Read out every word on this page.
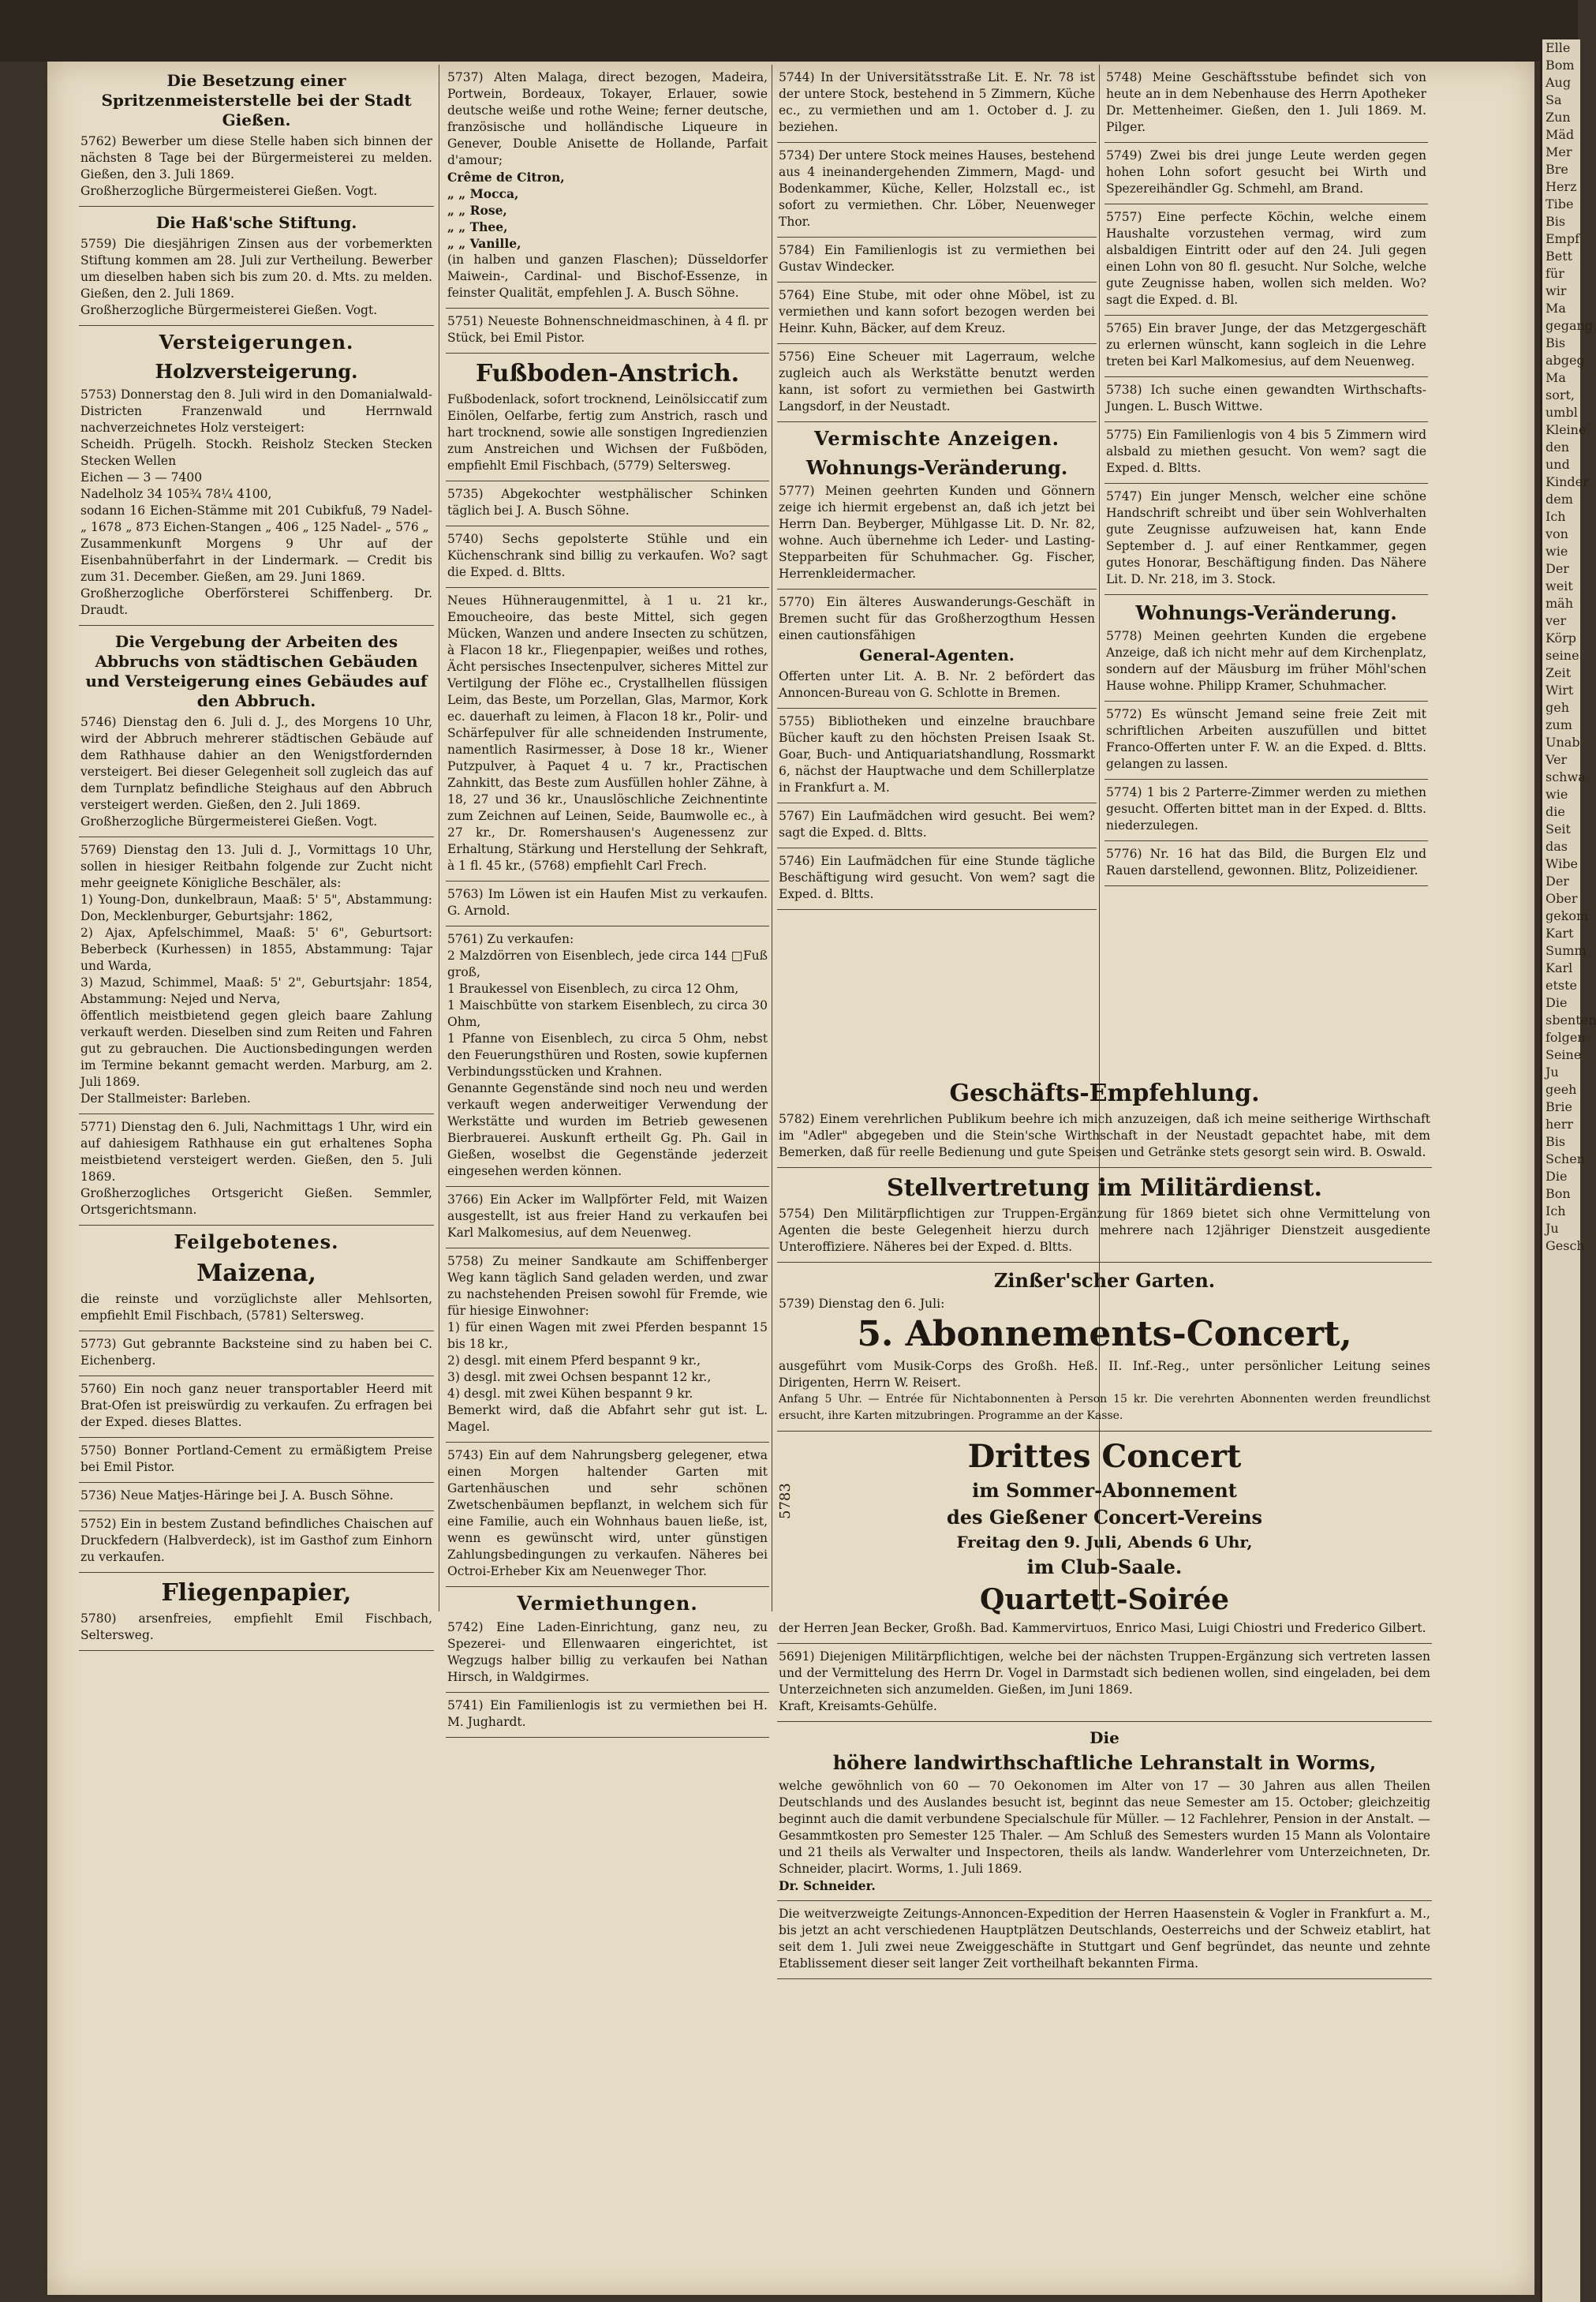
Elle
Bom
Aug
Sa
Zun
Mäd
Mer
Bre
Herz
Tibe
Bis
Empf
Bett
für
wir
Ma
gegang
Bis
abgeg
Ma
sort,
umbl
Kleine
den
und
Kinder
dem
Ich
von
wie
Der
weit
mäh
ver
Körp
seine
Zeit
Wirt
geh
zum
Unab
Ver
schwa
wie
die
Seit
das
Wibe
Der
Ober
gekom
Kart
Summ
Karl
etste
Die
sbenten
folgen
Seine
Ju
geeh
Brie
herr
Bis
Schen
Die
Bon
Ich
Ju
Gesch
Die Besetzung einer Spritzenmeisterstelle bei der Stadt Gießen.

5762) Bewerber um diese Stelle haben sich binnen der nächsten 8 Tage bei der Bürgermeisterei zu melden. Gießen, den 3. Juli 1869.

Großherzogliche Bürgermeisterei Gießen. Vogt.

Die Haß'sche Stiftung.

5759) Die diesjährigen Zinsen aus der vorbemerkten Stiftung kommen am 28. Juli zur Vertheilung. Bewerber um dieselben haben sich bis zum 20. d. Mts. zu melden. Gießen, den 2. Juli 1869.

Großherzogliche Bürgermeisterei Gießen. Vogt.

Versteigerungen.
Holzversteigerung.

5753) Donnerstag den 8. Juli wird in den Domanialwald-Districten Franzenwald und Herrnwald nachverzeichnetes Holz versteigert:

Scheidh. Prügelh. Stockh. Reisholz Stecken Stecken Stecken Wellen

Eichen — 3 — 7400

Nadelholz 34 105¾ 78¼ 4100,

sodann 16 Eichen-Stämme mit 201 Cubikfuß, 79 Nadel- „ 1678 „ 873 Eichen-Stangen „ 406 „ 125 Nadel- „ 576 „

Zusammenkunft Morgens 9 Uhr auf der Eisenbahnüberfahrt in der Lindermark. — Credit bis zum 31. December. Gießen, am 29. Juni 1869.

Großherzogliche Oberförsterei Schiffenberg. Dr. Draudt.

Die Vergebung der Arbeiten des Abbruchs von städtischen Gebäuden und Versteigerung eines Gebäudes auf den Abbruch.

5746) Dienstag den 6. Juli d. J., des Morgens 10 Uhr, wird der Abbruch mehrerer städtischen Gebäude auf dem Rathhause dahier an den Wenigstfordernden versteigert. Bei dieser Gelegenheit soll zugleich das auf dem Turnplatz befindliche Steighaus auf den Abbruch versteigert werden. Gießen, den 2. Juli 1869.

Großherzogliche Bürgermeisterei Gießen. Vogt.

5769) Dienstag den 13. Juli d. J., Vormittags 10 Uhr, sollen in hiesiger Reitbahn folgende zur Zucht nicht mehr geeignete Königliche Beschäler, als:

1) Young-Don, dunkelbraun, Maaß: 5' 5", Abstammung: Don, Mecklenburger, Geburtsjahr: 1862,

2) Ajax, Apfelschimmel, Maaß: 5' 6", Geburtsort: Beberbeck (Kurhessen) in 1855, Abstammung: Tajar und Warda,

3) Mazud, Schimmel, Maaß: 5' 2", Geburtsjahr: 1854, Abstammung: Nejed und Nerva,

öffentlich meistbietend gegen gleich baare Zahlung verkauft werden. Dieselben sind zum Reiten und Fahren gut zu gebrauchen. Die Auctionsbedingungen werden im Termine bekannt gemacht werden. Marburg, am 2. Juli 1869.

Der Stallmeister: Barleben.

5771) Dienstag den 6. Juli, Nachmittags 1 Uhr, wird ein auf dahiesigem Rathhause ein gut erhaltenes Sopha meistbietend versteigert werden. Gießen, den 5. Juli 1869.

Großherzogliches Ortsgericht Gießen. Semmler, Ortsgerichtsmann.

Feilgebotenes.
Maizena,

die reinste und vorzüglichste aller Mehlsorten, empfiehlt Emil Fischbach, (5781) Seltersweg.

5773) Gut gebrannte Backsteine sind zu haben bei C. Eichenberg.

5760) Ein noch ganz neuer transportabler Heerd mit Brat-Ofen ist preiswürdig zu verkaufen. Zu erfragen bei der Exped. dieses Blattes.

5750) Bonner Portland-Cement zu ermäßigtem Preise bei Emil Pistor.

5736) Neue Matjes-Häringe bei J. A. Busch Söhne.

5752) Ein in bestem Zustand befindliches Chaischen auf Druckfedern (Halbverdeck), ist im Gasthof zum Einhorn zu verkaufen.

Fliegenpapier,

5780) arsenfreies, empfiehlt Emil Fischbach, Seltersweg.

5737) Alten Malaga, direct bezogen, Madeira, Portwein, Bordeaux, Tokayer, Erlauer, sowie deutsche weiße und rothe Weine; ferner deutsche, französische und holländische Liqueure in Genever, Double Anisette de Hollande, Parfait d'amour;

Crême de Citron,

„ „ Mocca,

„ „ Rose,

„ „ Thee,

„ „ Vanille,

(in halben und ganzen Flaschen); Düsseldorfer Maiwein-, Cardinal- und Bischof-Essenze, in feinster Qualität, empfehlen J. A. Busch Söhne.

5751) Neueste Bohnenschneidmaschinen, à 4 fl. pr Stück, bei Emil Pistor.

Fußboden-Anstrich.

Fußbodenlack, sofort trocknend, Leinölsiccatif zum Einölen, Oelfarbe, fertig zum Anstrich, rasch und hart trocknend, sowie alle sonstigen Ingredienzien zum Anstreichen und Wichsen der Fußböden, empfiehlt Emil Fischbach, (5779) Seltersweg.

5735) Abgekochter westphälischer Schinken täglich bei J. A. Busch Söhne.

5740) Sechs gepolsterte Stühle und ein Küchenschrank sind billig zu verkaufen. Wo? sagt die Exped. d. Bltts.

Neues Hühneraugenmittel, à 1 u. 21 kr., Emoucheoire, das beste Mittel, sich gegen Mücken, Wanzen und andere Insecten zu schützen, à Flacon 18 kr., Fliegenpapier, weißes und rothes, Ächt persisches Insectenpulver, sicheres Mittel zur Vertilgung der Flöhe ec., Crystallhellen flüssigen Leim, das Beste, um Porzellan, Glas, Marmor, Kork ec. dauerhaft zu leimen, à Flacon 18 kr., Polir- und Schärfepulver für alle schneidenden Instrumente, namentlich Rasirmesser, à Dose 18 kr., Wiener Putzpulver, à Paquet 4 u. 7 kr., Practischen Zahnkitt, das Beste zum Ausfüllen hohler Zähne, à 18, 27 und 36 kr., Unauslöschliche Zeichnentinte zum Zeichnen auf Leinen, Seide, Baumwolle ec., à 27 kr., Dr. Romershausen's Augenessenz zur Erhaltung, Stärkung und Herstellung der Sehkraft, à 1 fl. 45 kr., (5768) empfiehlt Carl Frech.

5763) Im Löwen ist ein Haufen Mist zu verkaufen. G. Arnold.

5761) Zu verkaufen:

2 Malzdörren von Eisenblech, jede circa 144 □Fuß groß,

1 Braukessel von Eisenblech, zu circa 12 Ohm,

1 Maischbütte von starkem Eisenblech, zu circa 30 Ohm,

1 Pfanne von Eisenblech, zu circa 5 Ohm, nebst den Feuerungsthüren und Rosten, sowie kupfernen Verbindungsstücken und Krahnen.

Genannte Gegenstände sind noch neu und werden verkauft wegen anderweitiger Verwendung der Werkstätte und wurden im Betrieb gewesenen Bierbrauerei. Auskunft ertheilt Gg. Ph. Gail in Gießen, woselbst die Gegenstände jederzeit eingesehen werden können.

3766) Ein Acker im Wallpförter Feld, mit Waizen ausgestellt, ist aus freier Hand zu verkaufen bei Karl Malkomesius, auf dem Neuenweg.

5758) Zu meiner Sandkaute am Schiffenberger Weg kann täglich Sand geladen werden, und zwar zu nachstehenden Preisen sowohl für Fremde, wie für hiesige Einwohner:

1) für einen Wagen mit zwei Pferden bespannt 15 bis 18 kr.,

2) desgl. mit einem Pferd bespannt 9 kr.,

3) desgl. mit zwei Ochsen bespannt 12 kr.,

4) desgl. mit zwei Kühen bespannt 9 kr.

Bemerkt wird, daß die Abfahrt sehr gut ist. L. Magel.

5743) Ein auf dem Nahrungsberg gelegener, etwa einen Morgen haltender Garten mit Gartenhäuschen und sehr schönen Zwetschenbäumen bepflanzt, in welchem sich für eine Familie, auch ein Wohnhaus bauen ließe, ist, wenn es gewünscht wird, unter günstigen Zahlungsbedingungen zu verkaufen. Näheres bei Octroi-Erheber Kix am Neuenweger Thor.

Vermiethungen.

5742) Eine Laden-Einrichtung, ganz neu, zu Spezerei- und Ellenwaaren eingerichtet, ist Wegzugs halber billig zu verkaufen bei Nathan Hirsch, in Waldgirmes.

5741) Ein Familienlogis ist zu vermiethen bei H. M. Jughardt.

5744) In der Universitätsstraße Lit. E. Nr. 78 ist der untere Stock, bestehend in 5 Zimmern, Küche ec., zu vermiethen und am 1. October d. J. zu beziehen.

5734) Der untere Stock meines Hauses, bestehend aus 4 ineinandergehenden Zimmern, Magd- und Bodenkammer, Küche, Keller, Holzstall ec., ist sofort zu vermiethen. Chr. Löber, Neuenweger Thor.

5784) Ein Familienlogis ist zu vermiethen bei Gustav Windecker.

5764) Eine Stube, mit oder ohne Möbel, ist zu vermiethen und kann sofort bezogen werden bei Heinr. Kuhn, Bäcker, auf dem Kreuz.

5756) Eine Scheuer mit Lagerraum, welche zugleich auch als Werkstätte benutzt werden kann, ist sofort zu vermiethen bei Gastwirth Langsdorf, in der Neustadt.

Vermischte Anzeigen.
Wohnungs-Veränderung.

5777) Meinen geehrten Kunden und Gönnern zeige ich hiermit ergebenst an, daß ich jetzt bei Herrn Dan. Beyberger, Mühlgasse Lit. D. Nr. 82, wohne. Auch übernehme ich Leder- und Lasting-Stepparbeiten für Schuhmacher. Gg. Fischer, Herrenkleidermacher.

5770) Ein älteres Auswanderungs-Geschäft in Bremen sucht für das Großherzogthum Hessen einen cautionsfähigen

General-Agenten.

Offerten unter Lit. A. B. Nr. 2 befördert das Annoncen-Bureau von G. Schlotte in Bremen.

5755) Bibliotheken und einzelne brauchbare Bücher kauft zu den höchsten Preisen Isaak St. Goar, Buch- und Antiquariatshandlung, Rossmarkt 6, nächst der Hauptwache und dem Schillerplatze in Frankfurt a. M.

5767) Ein Laufmädchen wird gesucht. Bei wem? sagt die Exped. d. Bltts.

5746) Ein Laufmädchen für eine Stunde tägliche Beschäftigung wird gesucht. Von wem? sagt die Exped. d. Bltts.

5748) Meine Geschäftsstube befindet sich von heute an in dem Nebenhause des Herrn Apotheker Dr. Mettenheimer. Gießen, den 1. Juli 1869. M. Pilger.

5749) Zwei bis drei junge Leute werden gegen hohen Lohn sofort gesucht bei Wirth und Spezereihändler Gg. Schmehl, am Brand.

5757) Eine perfecte Köchin, welche einem Haushalte vorzustehen vermag, wird zum alsbaldigen Eintritt oder auf den 24. Juli gegen einen Lohn von 80 fl. gesucht. Nur Solche, welche gute Zeugnisse haben, wollen sich melden. Wo? sagt die Exped. d. Bl.

5765) Ein braver Junge, der das Metzgergeschäft zu erlernen wünscht, kann sogleich in die Lehre treten bei Karl Malkomesius, auf dem Neuenweg.

5738) Ich suche einen gewandten Wirthschafts-Jungen. L. Busch Wittwe.

5775) Ein Familienlogis von 4 bis 5 Zimmern wird alsbald zu miethen gesucht. Von wem? sagt die Exped. d. Bltts.

5747) Ein junger Mensch, welcher eine schöne Handschrift schreibt und über sein Wohlverhalten gute Zeugnisse aufzuweisen hat, kann Ende September d. J. auf einer Rentkammer, gegen gutes Honorar, Beschäftigung finden. Das Nähere Lit. D. Nr. 218, im 3. Stock.

Wohnungs-Veränderung.

5778) Meinen geehrten Kunden die ergebene Anzeige, daß ich nicht mehr auf dem Kirchenplatz, sondern auf der Mäusburg im früher Möhl'schen Hause wohne. Philipp Kramer, Schuhmacher.

5772) Es wünscht Jemand seine freie Zeit mit schriftlichen Arbeiten auszufüllen und bittet Franco-Offerten unter F. W. an die Exped. d. Bltts. gelangen zu lassen.

5774) 1 bis 2 Parterre-Zimmer werden zu miethen gesucht. Offerten bittet man in der Exped. d. Bltts. niederzulegen.

5776) Nr. 16 hat das Bild, die Burgen Elz und Rauen darstellend, gewonnen. Blitz, Polizeidiener.

Geschäfts-Empfehlung.

5782) Einem verehrlichen Publikum beehre ich mich anzuzeigen, daß ich meine seitherige Wirthschaft im "Adler" abgegeben und die Stein'sche Wirthschaft in der Neustadt gepachtet habe, mit dem Bemerken, daß für reelle Bedienung und gute Speisen und Getränke stets gesorgt sein wird. B. Oswald.

Stellvertretung im Militärdienst.

5754) Den Militärpflichtigen zur Truppen-Ergänzung für 1869 bietet sich ohne Vermittelung von Agenten die beste Gelegenheit hierzu durch mehrere nach 12jähriger Dienstzeit ausgediente Unteroffiziere. Näheres bei der Exped. d. Bltts.

Zinßer'scher Garten.

5739) Dienstag den 6. Juli:

5. Abonnements-Concert,

ausgeführt vom Musik-Corps des Großh. Heß. II. Inf.-Reg., unter persönlicher Leitung seines Dirigenten, Herrn W. Reisert.

Anfang 5 Uhr. — Entrée für Nichtabonnenten à Person 15 kr. Die verehrten Abonnenten werden freundlichst ersucht, ihre Karten mitzubringen. Programme an der Kasse.

Drittes Concert
im Sommer-Abonnement
des Gießener Concert-Vereins
Freitag den 9. Juli, Abends 6 Uhr,
im Club-Saale.
Quartett-Soirée

der Herren Jean Becker, Großh. Bad. Kammervirtuos, Enrico Masi, Luigi Chiostri und Frederico Gilbert.

5691) Diejenigen Militärpflichtigen, welche bei der nächsten Truppen-Ergänzung sich vertreten lassen und der Vermittelung des Herrn Dr. Vogel in Darmstadt sich bedienen wollen, sind eingeladen, bei dem Unterzeichneten sich anzumelden. Gießen, im Juni 1869.

Kraft, Kreisamts-Gehülfe.

Die
höhere landwirthschaftliche Lehranstalt in Worms,

welche gewöhnlich von 60 — 70 Oekonomen im Alter von 17 — 30 Jahren aus allen Theilen Deutschlands und des Auslandes besucht ist, beginnt das neue Semester am 15. October; gleichzeitig beginnt auch die damit verbundene Specialschule für Müller. — 12 Fachlehrer, Pension in der Anstalt. — Gesammtkosten pro Semester 125 Thaler. — Am Schluß des Semesters wurden 15 Mann als Volontaire und 21 theils als Verwalter und Inspectoren, theils als landw. Wanderlehrer vom Unterzeichneten, Dr. Schneider, placirt. Worms, 1. Juli 1869.

Dr. Schneider.

Die weitverzweigte Zeitungs-Annoncen-Expedition der Herren Haasenstein & Vogler in Frankfurt a. M., bis jetzt an acht verschiedenen Hauptplätzen Deutschlands, Oesterreichs und der Schweiz etablirt, hat seit dem 1. Juli zwei neue Zweiggeschäfte in Stuttgart und Genf begründet, das neunte und zehnte Etablissement dieser seit langer Zeit vortheilhaft bekannten Firma.

5783
